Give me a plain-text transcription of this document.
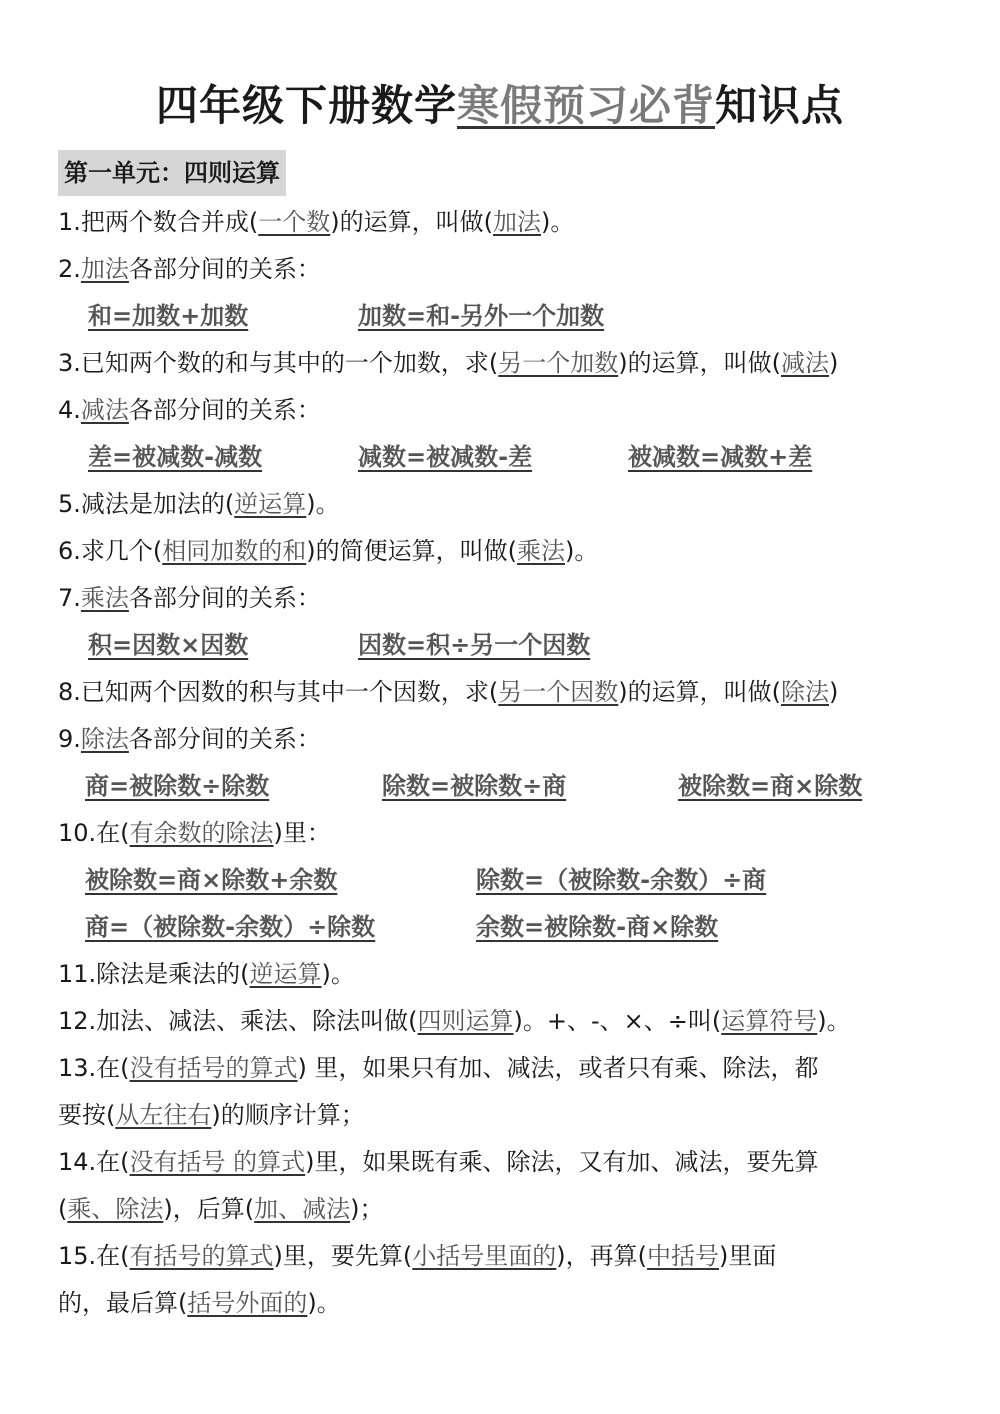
四年级下册数学寒假预习必背知识点
第一单元：四则运算
1.把两个数合并成(一个数)的运算，叫做(加法)。
2.加法各部分间的关系：
和=加数+加数	加数=和-另外一个加数
3.已知两个数的和与其中的一个加数，求(另一个加数)的运算，叫做(减法)
4.减法各部分间的关系：
差=被减数-减数	减数=被减数-差	被减数=减数+差
5.减法是加法的(逆运算)。
6.求几个(相同加数的和)的简便运算，叫做(乘法)。
7.乘法各部分间的关系：
积=因数×因数	因数=积÷另一个因数
8.已知两个因数的积与其中一个因数，求(另一个因数)的运算，叫做(除法)
9.除法各部分间的关系：
商=被除数÷除数	除数=被除数÷商	被除数=商×除数
10.在(有余数的除法)里：
被除数=商×除数+余数	除数=（被除数-余数）÷商
商=（被除数-余数）÷除数	余数=被除数-商×除数
11.除法是乘法的(逆运算)。
12.加法、减法、乘法、除法叫做(四则运算)。+、-、×、÷叫(运算符号)。
13.在(没有括号的算式) 里，如果只有加、减法，或者只有乘、除法，都
要按(从左往右)的顺序计算；
14.在(没有括号 的算式)里，如果既有乘、除法，又有加、减法，要先算
(乘、除法)，后算(加、减法)；
15.在(有括号的算式)里，要先算(小括号里面的)，再算(中括号)里面
的，最后算(括号外面的)。
